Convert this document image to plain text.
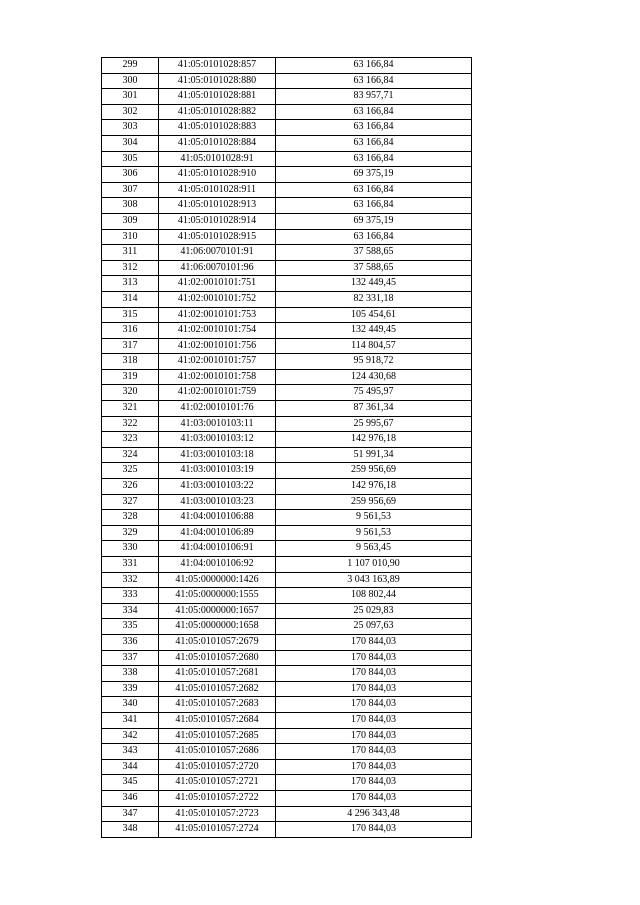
299	41:05:0101028:857	63 166,84
300	41:05:0101028:880	63 166,84
301	41:05:0101028:881	83 957,71
302	41:05:0101028:882	63 166,84
303	41:05:0101028:883	63 166,84
304	41:05:0101028:884	63 166,84
305	41:05:0101028:91	63 166,84
306	41:05:0101028:910	69 375,19
307	41:05:0101028:911	63 166,84
308	41:05:0101028:913	63 166,84
309	41:05:0101028:914	69 375,19
310	41:05:0101028:915	63 166,84
311	41:06:0070101:91	37 588,65
312	41:06:0070101:96	37 588,65
313	41:02:0010101:751	132 449,45
314	41:02:0010101:752	82 331,18
315	41:02:0010101:753	105 454,61
316	41:02:0010101:754	132 449,45
317	41:02:0010101:756	114 804,57
318	41:02:0010101:757	95 918,72
319	41:02:0010101:758	124 430,68
320	41:02:0010101:759	75 495,97
321	41:02:0010101:76	87 361,34
322	41:03:0010103:11	25 995,67
323	41:03:0010103:12	142 976,18
324	41:03:0010103:18	51 991,34
325	41:03:0010103:19	259 956,69
326	41:03:0010103:22	142 976,18
327	41:03:0010103:23	259 956,69
328	41:04:0010106:88	9 561,53
329	41:04:0010106:89	9 561,53
330	41:04:0010106:91	9 563,45
331	41:04:0010106:92	1 107 010,90
332	41:05:0000000:1426	3 043 163,89
333	41:05:0000000:1555	108 802,44
334	41:05:0000000:1657	25 029,83
335	41:05:0000000:1658	25 097,63
336	41:05:0101057:2679	170 844,03
337	41:05:0101057:2680	170 844,03
338	41:05:0101057:2681	170 844,03
339	41:05:0101057:2682	170 844,03
340	41:05:0101057:2683	170 844,03
341	41:05:0101057:2684	170 844,03
342	41:05:0101057:2685	170 844,03
343	41:05:0101057:2686	170 844,03
344	41:05:0101057:2720	170 844,03
345	41:05:0101057:2721	170 844,03
346	41:05:0101057:2722	170 844,03
347	41:05:0101057:2723	4 296 343,48
348	41:05:0101057:2724	170 844,03
